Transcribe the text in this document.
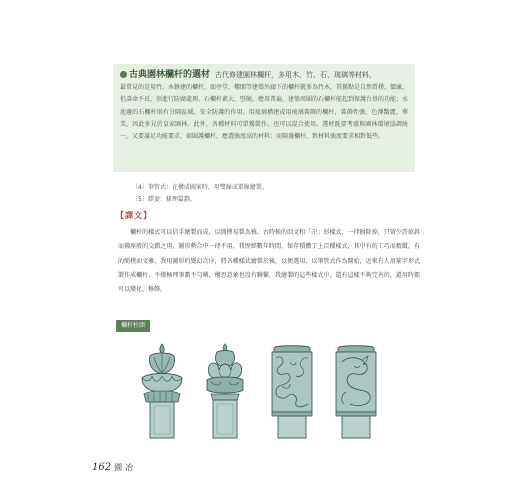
古典園林欄杆的選材 古代修建園林欄杆，多用木、竹、石、琉璃等材料，
最常見的是用竹。木修建的欄杆，如亭堂、樓閣等建築外廊下的欄杆就多為竹木，其優點是自然質樸、價廉，但壽命不長，須進行防腐處理。石欄杆素大、堅硬，應用普遍，建築周圍的石欄杆能起到保護台基的功能；水池邊的石欄杆則有分隔區域、安全防護的作用。用琉璃構建或用琉璃裝飾的欄杆，裝飾性強，色澤豔麗，華美，因此多見於皇家園林。此外，各種材料可單獨製作，也可以混合使用。選材既要考慮與園林環境協調統一，又要滿足功能要求，如圍護欄杆，應選強度高的材料；而隔邊欄杆，對材料強度要求相對低些。
〔4〕筆管式：在構成圖案時，用雙線或單線繪製。
〔5〕繹妻：條理篇劃。
【譯文】
欄杆的樣式可以信手繪製而成，以簡樸易製為雅。古時候的回文和「卍」形樣式，一律摒除掉，只留少許欹斜而佛座般的交錯之用，圖形勢合中一律不用。我歷經數年時間，保存積攢了上百種樣式，其中有的工巧而精緻，有的簡樸而文雅，我用圖形的變幻次序，將各種樣式繪製於後，以便選用。以筆管式作為開始，近來有人用篆字形式製作成欄杆，不僅極理筆劃不勻稱，構思意象也沒有聯繫，我繪製的這些樣式中，還有這樣不夠完善的，還用時都可以變化、修飾。
欄杆柱頭
162 園冶
